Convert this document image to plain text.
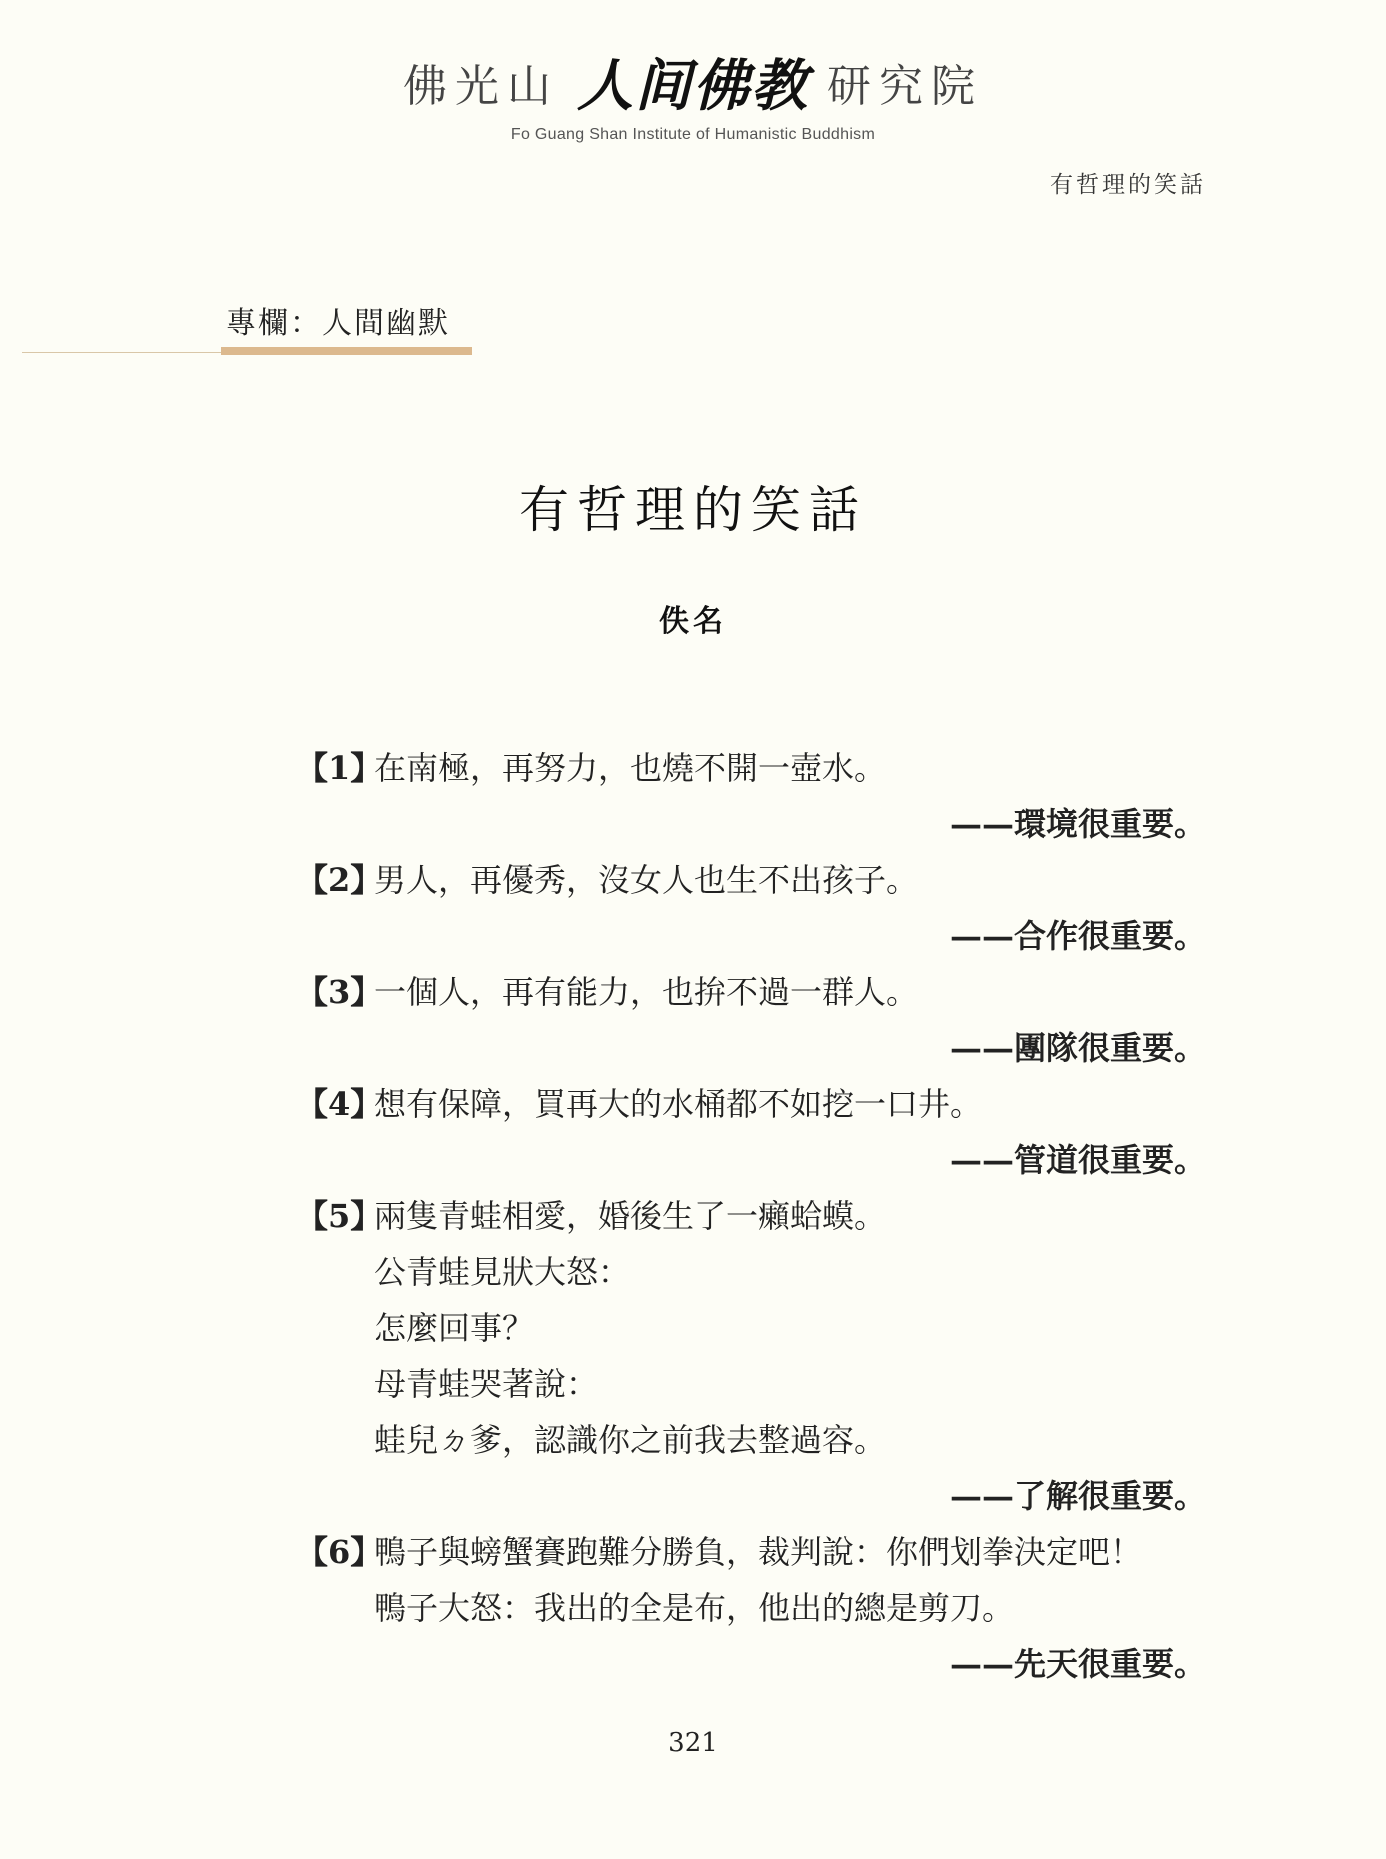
佛光山 人间佛教 研究院
Fo Guang Shan Institute of Humanistic Buddhism
有哲理的笑話
專欄：人間幽默
有哲理的笑話
佚名
【1】
在南極，再努力，也燒不開一壺水。
——環境很重要。
【2】
男人，再優秀，沒女人也生不出孩子。
——合作很重要。
【3】
一個人，再有能力，也拚不過一群人。
——團隊很重要。
【4】
想有保障，買再大的水桶都不如挖一口井。
——管道很重要。
【5】
兩隻青蛙相愛，婚後生了一癩蛤蟆。
公青蛙見狀大怒：
怎麼回事？
母青蛙哭著說：
蛙兒ㄉ爹，認識你之前我去整過容。
——了解很重要。
【6】
鴨子與螃蟹賽跑難分勝負，裁判說：你們划拳決定吧！
鴨子大怒：我出的全是布，他出的總是剪刀。
——先天很重要。
321
